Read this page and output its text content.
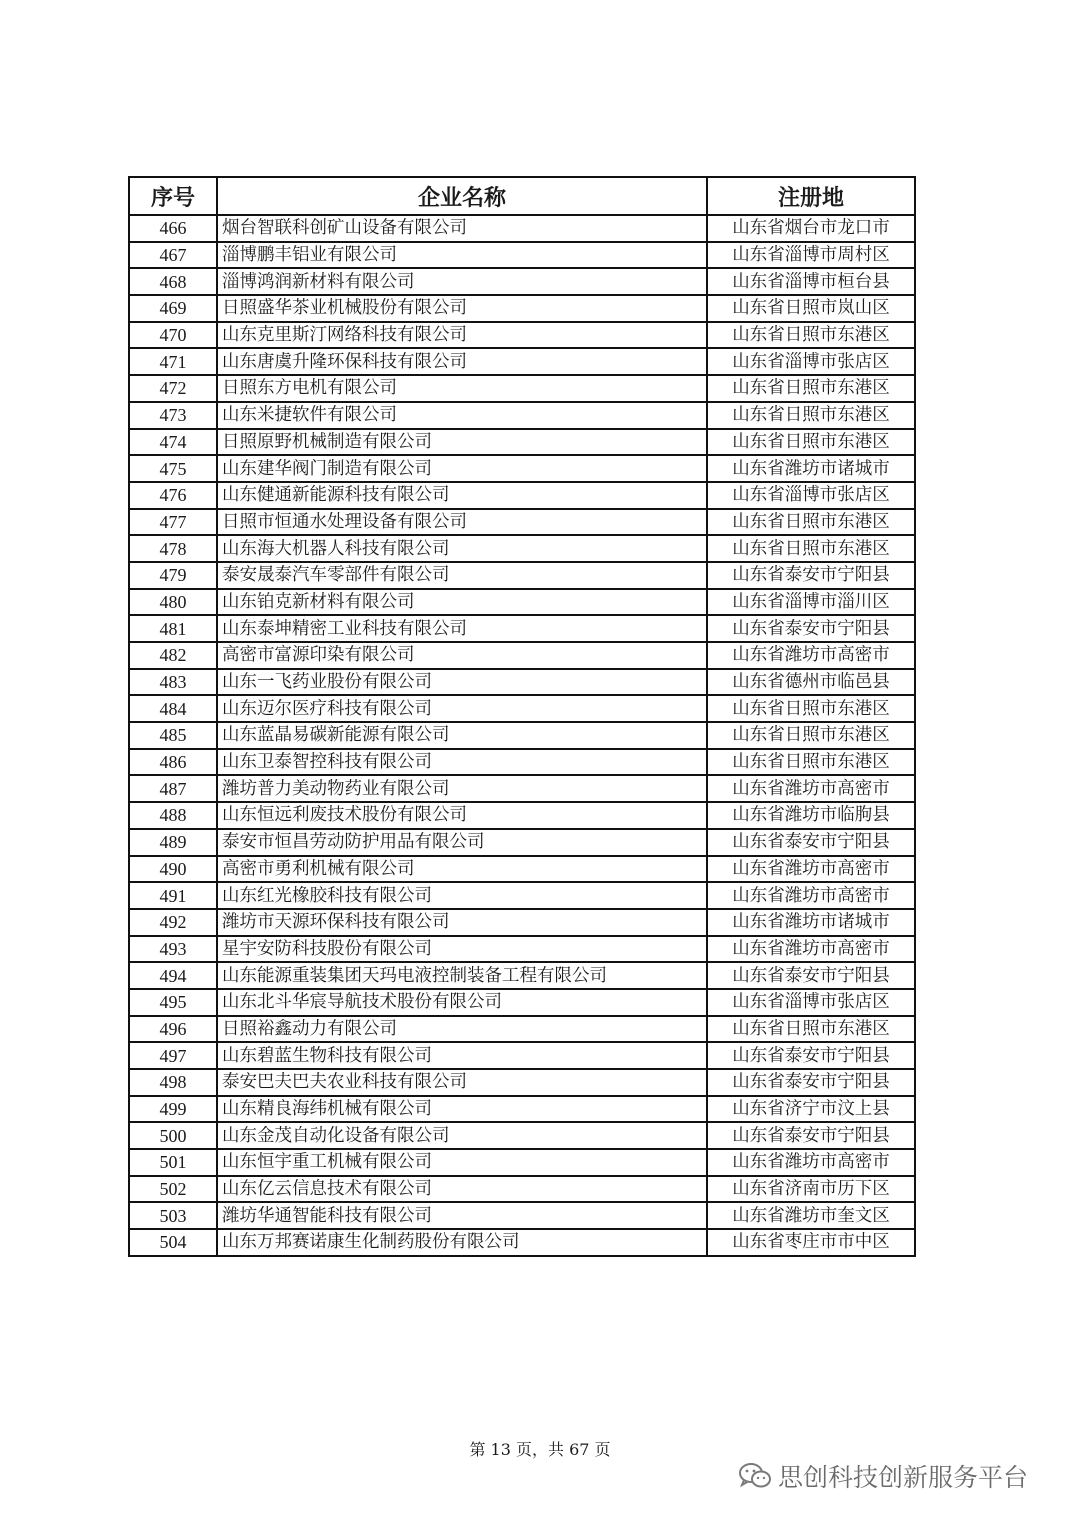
序号	企业名称	注册地
466	烟台智联科创矿山设备有限公司	山东省烟台市龙口市
467	淄博鹏丰铝业有限公司	山东省淄博市周村区
468	淄博鸿润新材料有限公司	山东省淄博市桓台县
469	日照盛华茶业机械股份有限公司	山东省日照市岚山区
470	山东克里斯汀网络科技有限公司	山东省日照市东港区
471	山东唐虞升隆环保科技有限公司	山东省淄博市张店区
472	日照东方电机有限公司	山东省日照市东港区
473	山东米捷软件有限公司	山东省日照市东港区
474	日照原野机械制造有限公司	山东省日照市东港区
475	山东建华阀门制造有限公司	山东省潍坊市诸城市
476	山东健通新能源科技有限公司	山东省淄博市张店区
477	日照市恒通水处理设备有限公司	山东省日照市东港区
478	山东海大机器人科技有限公司	山东省日照市东港区
479	泰安晟泰汽车零部件有限公司	山东省泰安市宁阳县
480	山东铂克新材料有限公司	山东省淄博市淄川区
481	山东泰坤精密工业科技有限公司	山东省泰安市宁阳县
482	高密市富源印染有限公司	山东省潍坊市高密市
483	山东一飞药业股份有限公司	山东省德州市临邑县
484	山东迈尔医疗科技有限公司	山东省日照市东港区
485	山东蓝晶易碳新能源有限公司	山东省日照市东港区
486	山东卫泰智控科技有限公司	山东省日照市东港区
487	潍坊普力美动物药业有限公司	山东省潍坊市高密市
488	山东恒远利废技术股份有限公司	山东省潍坊市临朐县
489	泰安市恒昌劳动防护用品有限公司	山东省泰安市宁阳县
490	高密市勇利机械有限公司	山东省潍坊市高密市
491	山东红光橡胶科技有限公司	山东省潍坊市高密市
492	潍坊市天源环保科技有限公司	山东省潍坊市诸城市
493	星宇安防科技股份有限公司	山东省潍坊市高密市
494	山东能源重装集团天玛电液控制装备工程有限公司	山东省泰安市宁阳县
495	山东北斗华宸导航技术股份有限公司	山东省淄博市张店区
496	日照裕鑫动力有限公司	山东省日照市东港区
497	山东碧蓝生物科技有限公司	山东省泰安市宁阳县
498	泰安巴夫巴夫农业科技有限公司	山东省泰安市宁阳县
499	山东精良海纬机械有限公司	山东省济宁市汶上县
500	山东金茂自动化设备有限公司	山东省泰安市宁阳县
501	山东恒宇重工机械有限公司	山东省潍坊市高密市
502	山东亿云信息技术有限公司	山东省济南市历下区
503	潍坊华通智能科技有限公司	山东省潍坊市奎文区
504	山东万邦赛诺康生化制药股份有限公司	山东省枣庄市市中区
第 13 页，共 67 页
思创科技创新服务平台
